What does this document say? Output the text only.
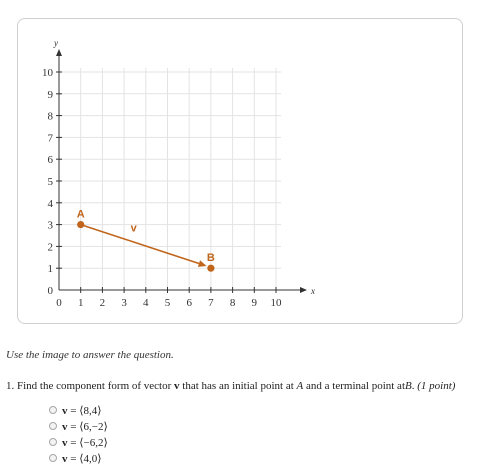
x
y
0 1 2 3 4 5 6 7 8 9 10
0
1
2
3
4
5
6
7
8
9
10
v
A
B
Use the image to answer the question.
1. Find the component form of vector v that has an initial point at A and a terminal point atB. (1 point)
v = ⟨8,4⟩
v = ⟨6,−2⟩
v = ⟨−6,2⟩
v = ⟨4,0⟩
